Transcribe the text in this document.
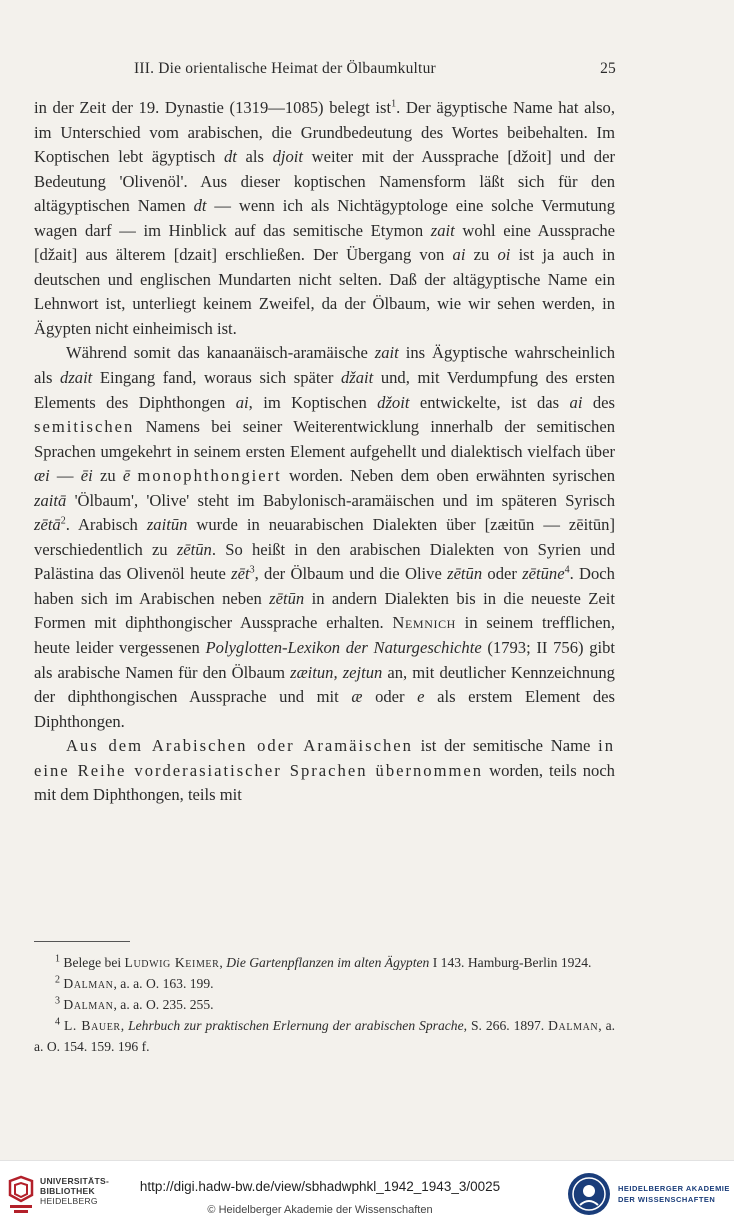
III. Die orientalische Heimat der Ölbaumkultur	25

in der Zeit der 19. Dynastie (1319—1085) belegt ist$^1$. Der ägyptische Name hat also, im Unterschied vom arabischen, die Grundbedeutung des Wortes beibehalten. Im Koptischen lebt ägyptisch dt als djoit weiter mit der Aussprache [džoit] und der Bedeutung 'Olivenöl'. Aus dieser koptischen Namensform läßt sich für den altägyptischen Namen dt — wenn ich als Nichtägyptologe eine solche Vermutung wagen darf — im Hinblick auf das semitische Etymon zait wohl eine Aussprache [džait] aus älterem [dzait] erschließen. Der Übergang von ai zu oi ist ja auch in deutschen und englischen Mundarten nicht selten. Daß der altägyptische Name ein Lehnwort ist, unterliegt keinem Zweifel, da der Ölbaum, wie wir sehen werden, in Ägypten nicht einheimisch ist.

Während somit das kanaanäisch-aramäische zait ins Ägyptische wahrscheinlich als dzait Eingang fand, woraus sich später džait und, mit Verdumpfung des ersten Elements des Diphthongen ai, im Koptischen džoit entwickelte, ist das ai des semitischen Namens bei seiner Weiterentwicklung innerhalb der semitischen Sprachen umgekehrt in seinem ersten Element aufgehellt und dialektisch vielfach über æi — ēi zu ē monophthongiert worden. Neben dem oben erwähnten syrischen zaitā 'Ölbaum', 'Olive' steht im Babylonisch-aramäischen und im späteren Syrisch zētā$^2$. Arabisch zaitūn wurde in neuarabischen Dialekten über [zæitūn — zēitūn] verschiedentlich zu zētūn. So heißt in den arabischen Dialekten von Syrien und Palästina das Olivenöl heute zēt$^3$, der Ölbaum und die Olive zētūn oder zētūne$^4$. Doch haben sich im Arabischen neben zētūn in andern Dialekten bis in die neueste Zeit Formen mit diphthongischer Aussprache erhalten. Nemnich in seinem trefflichen, heute leider vergessenen Polyglotten-Lexikon der Naturgeschichte (1793; II 756) gibt als arabische Namen für den Ölbaum zæitun, zejtun an, mit deutlicher Kennzeichnung der diphthongischen Aussprache und mit æ oder e als erstem Element des Diphthongen.

Aus dem Arabischen oder Aramäischen ist der semitische Name in eine Reihe vorderasiatischer Sprachen übernommen worden, teils noch mit dem Diphthongen, teils mit

$^1$ Belege bei Ludwig Keimer, Die Gartenpflanzen im alten Ägypten I 143. Hamburg-Berlin 1924.

$^2$ Dalman, a. a. O. 163. 199.

$^3$ Dalman, a. a. O. 235. 255.

$^4$ L. Bauer, Lehrbuch zur praktischen Erlernung der arabischen Sprache, S. 266. 1897. Dalman, a. a. O. 154. 159. 196 f.

UNIVERSITÄTS-
BIBLIOTHEK
HEIDELBERG
http://digi.hadw-bw.de/view/sbhadwphkl_1942_1943_3/0025
© Heidelberger Akademie der Wissenschaften
HEIDELBERGER AKADEMIE
DER WISSENSCHAFTEN
